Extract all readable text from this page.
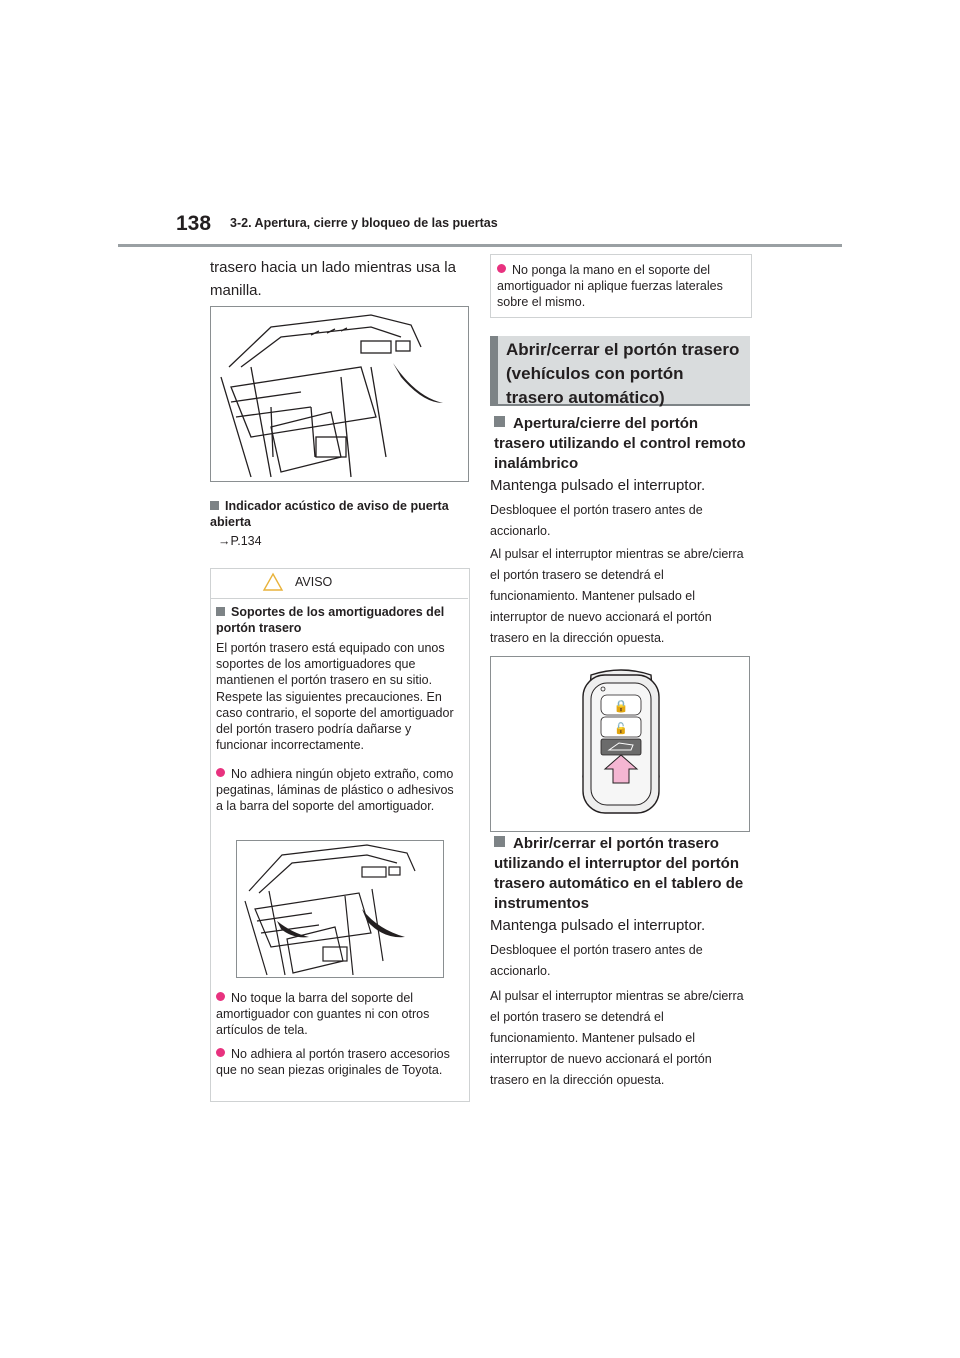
138 3-2. Apertura, cierre y bloqueo de las puertas
trasero hacia un lado mientras usa la manilla.
Indicador acústico de aviso de puerta abierta
→P.134
AVISO
Soportes de los amortiguadores del portón trasero
El portón trasero está equipado con unos soportes de los amortiguadores que mantienen el portón trasero en su sitio.
Respete las siguientes precauciones. En caso contrario, el soporte del amortiguador del portón trasero podría dañarse y funcionar incorrectamente.
No adhiera ningún objeto extraño, como pegatinas, láminas de plástico o adhesivos a la barra del soporte del amortiguador.
No toque la barra del soporte del amortiguador con guantes ni con otros artículos de tela.
No adhiera al portón trasero accesorios que no sean piezas originales de Toyota.
No ponga la mano en el soporte del amortiguador ni aplique fuerzas laterales sobre el mismo.
Abrir/cerrar el portón trasero (vehículos con portón trasero automático)
Apertura/cierre del portón trasero utilizando el control remoto inalámbrico
Mantenga pulsado el interruptor.
Desbloquee el portón trasero antes de accionarlo.
Al pulsar el interruptor mientras se abre/cierra el portón trasero se detendrá el funcionamiento. Mantener pulsado el interruptor de nuevo accionará el portón trasero en la dirección opuesta.
🔒
🔓
Abrir/cerrar el portón trasero utilizando el interruptor del portón trasero automático en el tablero de instrumentos
Mantenga pulsado el interruptor.
Desbloquee el portón trasero antes de accionarlo.
Al pulsar el interruptor mientras se abre/cierra el portón trasero se detendrá el funcionamiento. Mantener pulsado el interruptor de nuevo accionará el portón trasero en la dirección opuesta.
